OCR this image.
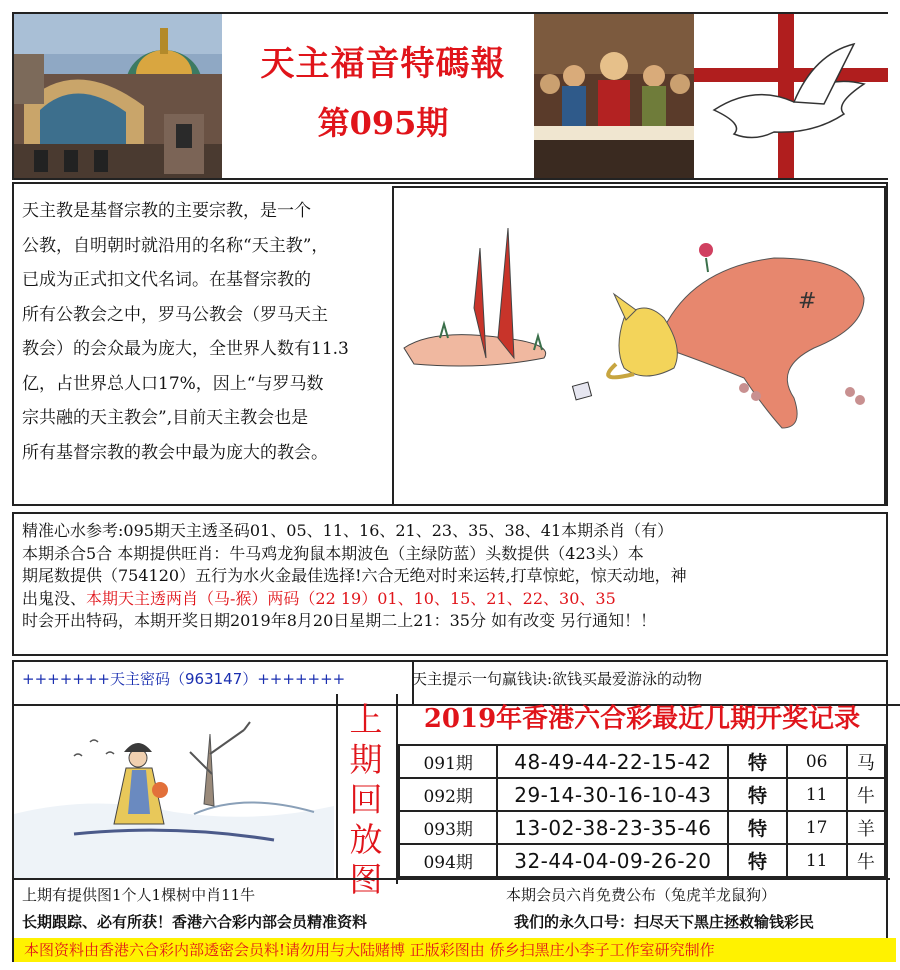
天主福音特碼報
第095期
天主教是基督宗教的主要宗教，是一个
公教，自明朝时就沿用的名称“天主教”，
已成为正式扣文代名词。在基督宗教的
所有公教会之中，罗马公教会（罗马天主
教会）的会众最为庞大，全世界人数有11.3
亿，占世界总人口17%，因上“与罗马数
宗共融的天主教会”,目前天主教会也是
所有基督宗教的教会中最为庞大的教会。
#
精准心水参考:095期天主透圣码01、05、11、16、21、23、35、38、41本期杀肖（有）
本期杀合5合 本期提供旺肖：牛马鸡龙狗鼠本期波色（主绿防蓝）头数提供（423头）本
期尾数提供（754120）五行为水火金最佳选择!六合无绝对时来运转,打草惊蛇，惊天动地，神
出鬼没、本期天主透两肖（马-猴）两码（22 19）01、10、15、21、22、30、35
时会开出特码，本期开奖日期2019年8月20日星期二上21：35分 如有改变 另行通知！！
+++++++天主密码（963147）+++++++	天主提示一句赢钱诀:欲钱买最爱游泳的动物
上
期
回
放
图
2019年香港六合彩最近几期开奖记录
091期	48-49-44-22-15-42	特	06	马
092期	29-14-30-16-10-43	特	11	牛
093期	13-02-38-23-35-46	特	17	羊
094期	32-44-04-09-26-20	特	11	牛
上期有提供图1个人1棵树中肖11牛	本期会员六肖免费公布（兔虎羊龙鼠狗）
长期跟踪、必有所获！香港六合彩内部会员精准资料	我们的永久口号：扫尽天下黑庄拯救输钱彩民
本图资料由香港六合彩内部透密会员料!请勿用与大陆赌博 正版彩图由 侨乡扫黑庄小李子工作室研究制作
